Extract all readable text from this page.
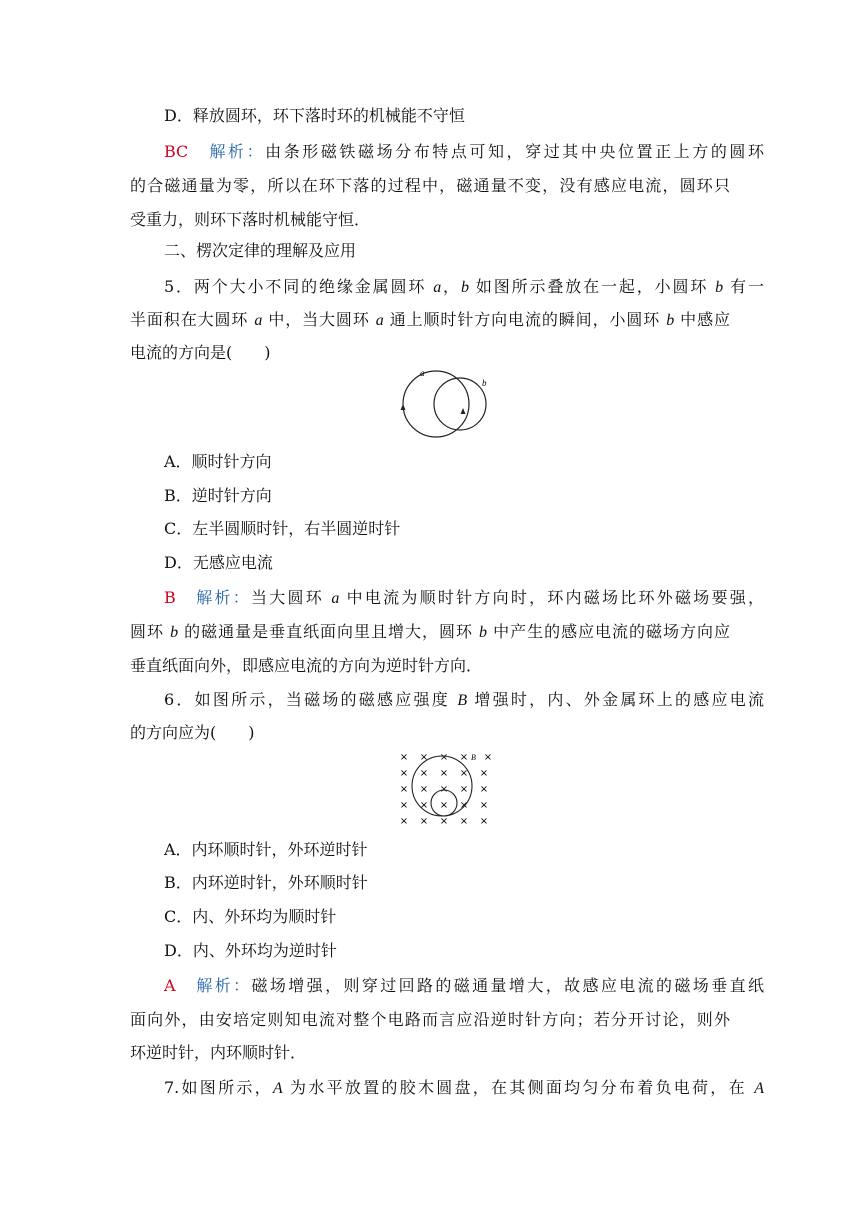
D．释放圆环，环下落时环的机械能不守恒
BC　 解析：由条形磁铁磁场分布特点可知，穿过其中央位置正上方的圆环
的合磁通量为零，所以在环下落的过程中，磁通量不变，没有感应电流，圆环只
受重力，则环下落时机械能守恒．
二、楞次定律的理解及应用
5．两个大小不同的绝缘金属圆环 a，b 如图所示叠放在一起，小圆环 b 有一
半面积在大圆环 a 中，当大圆环 a 通上顺时针方向电流的瞬间，小圆环 b 中感应
电流的方向是(　　)
a
b
A．顺时针方向
B．逆时针方向
C．左半圆顺时针，右半圆逆时针
D．无感应电流
B　 解析：当大圆环 a 中电流为顺时针方向时，环内磁场比环外磁场要强，
圆环 b 的磁通量是垂直纸面向里且增大，圆环 b 中产生的感应电流的磁场方向应
垂直纸面向外，即感应电流的方向为逆时针方向．
6．如图所示，当磁场的磁感应强度 B 增强时，内、外金属环上的感应电流
的方向应为(　　)
× × × × ×
× × × × ×
× × × × ×
× × × × ×
× × × × ×
B
A．内环顺时针，外环逆时针
B．内环逆时针，外环顺时针
C．内、外环均为顺时针
D．内、外环均为逆时针
A　 解析：磁场增强，则穿过回路的磁通量增大，故感应电流的磁场垂直纸
面向外，由安培定则知电流对整个电路而言应沿逆时针方向；若分开讨论，则外
环逆时针，内环顺时针．
7.如图所示，A 为水平放置的胶木圆盘，在其侧面均匀分布着负电荷，在 A
